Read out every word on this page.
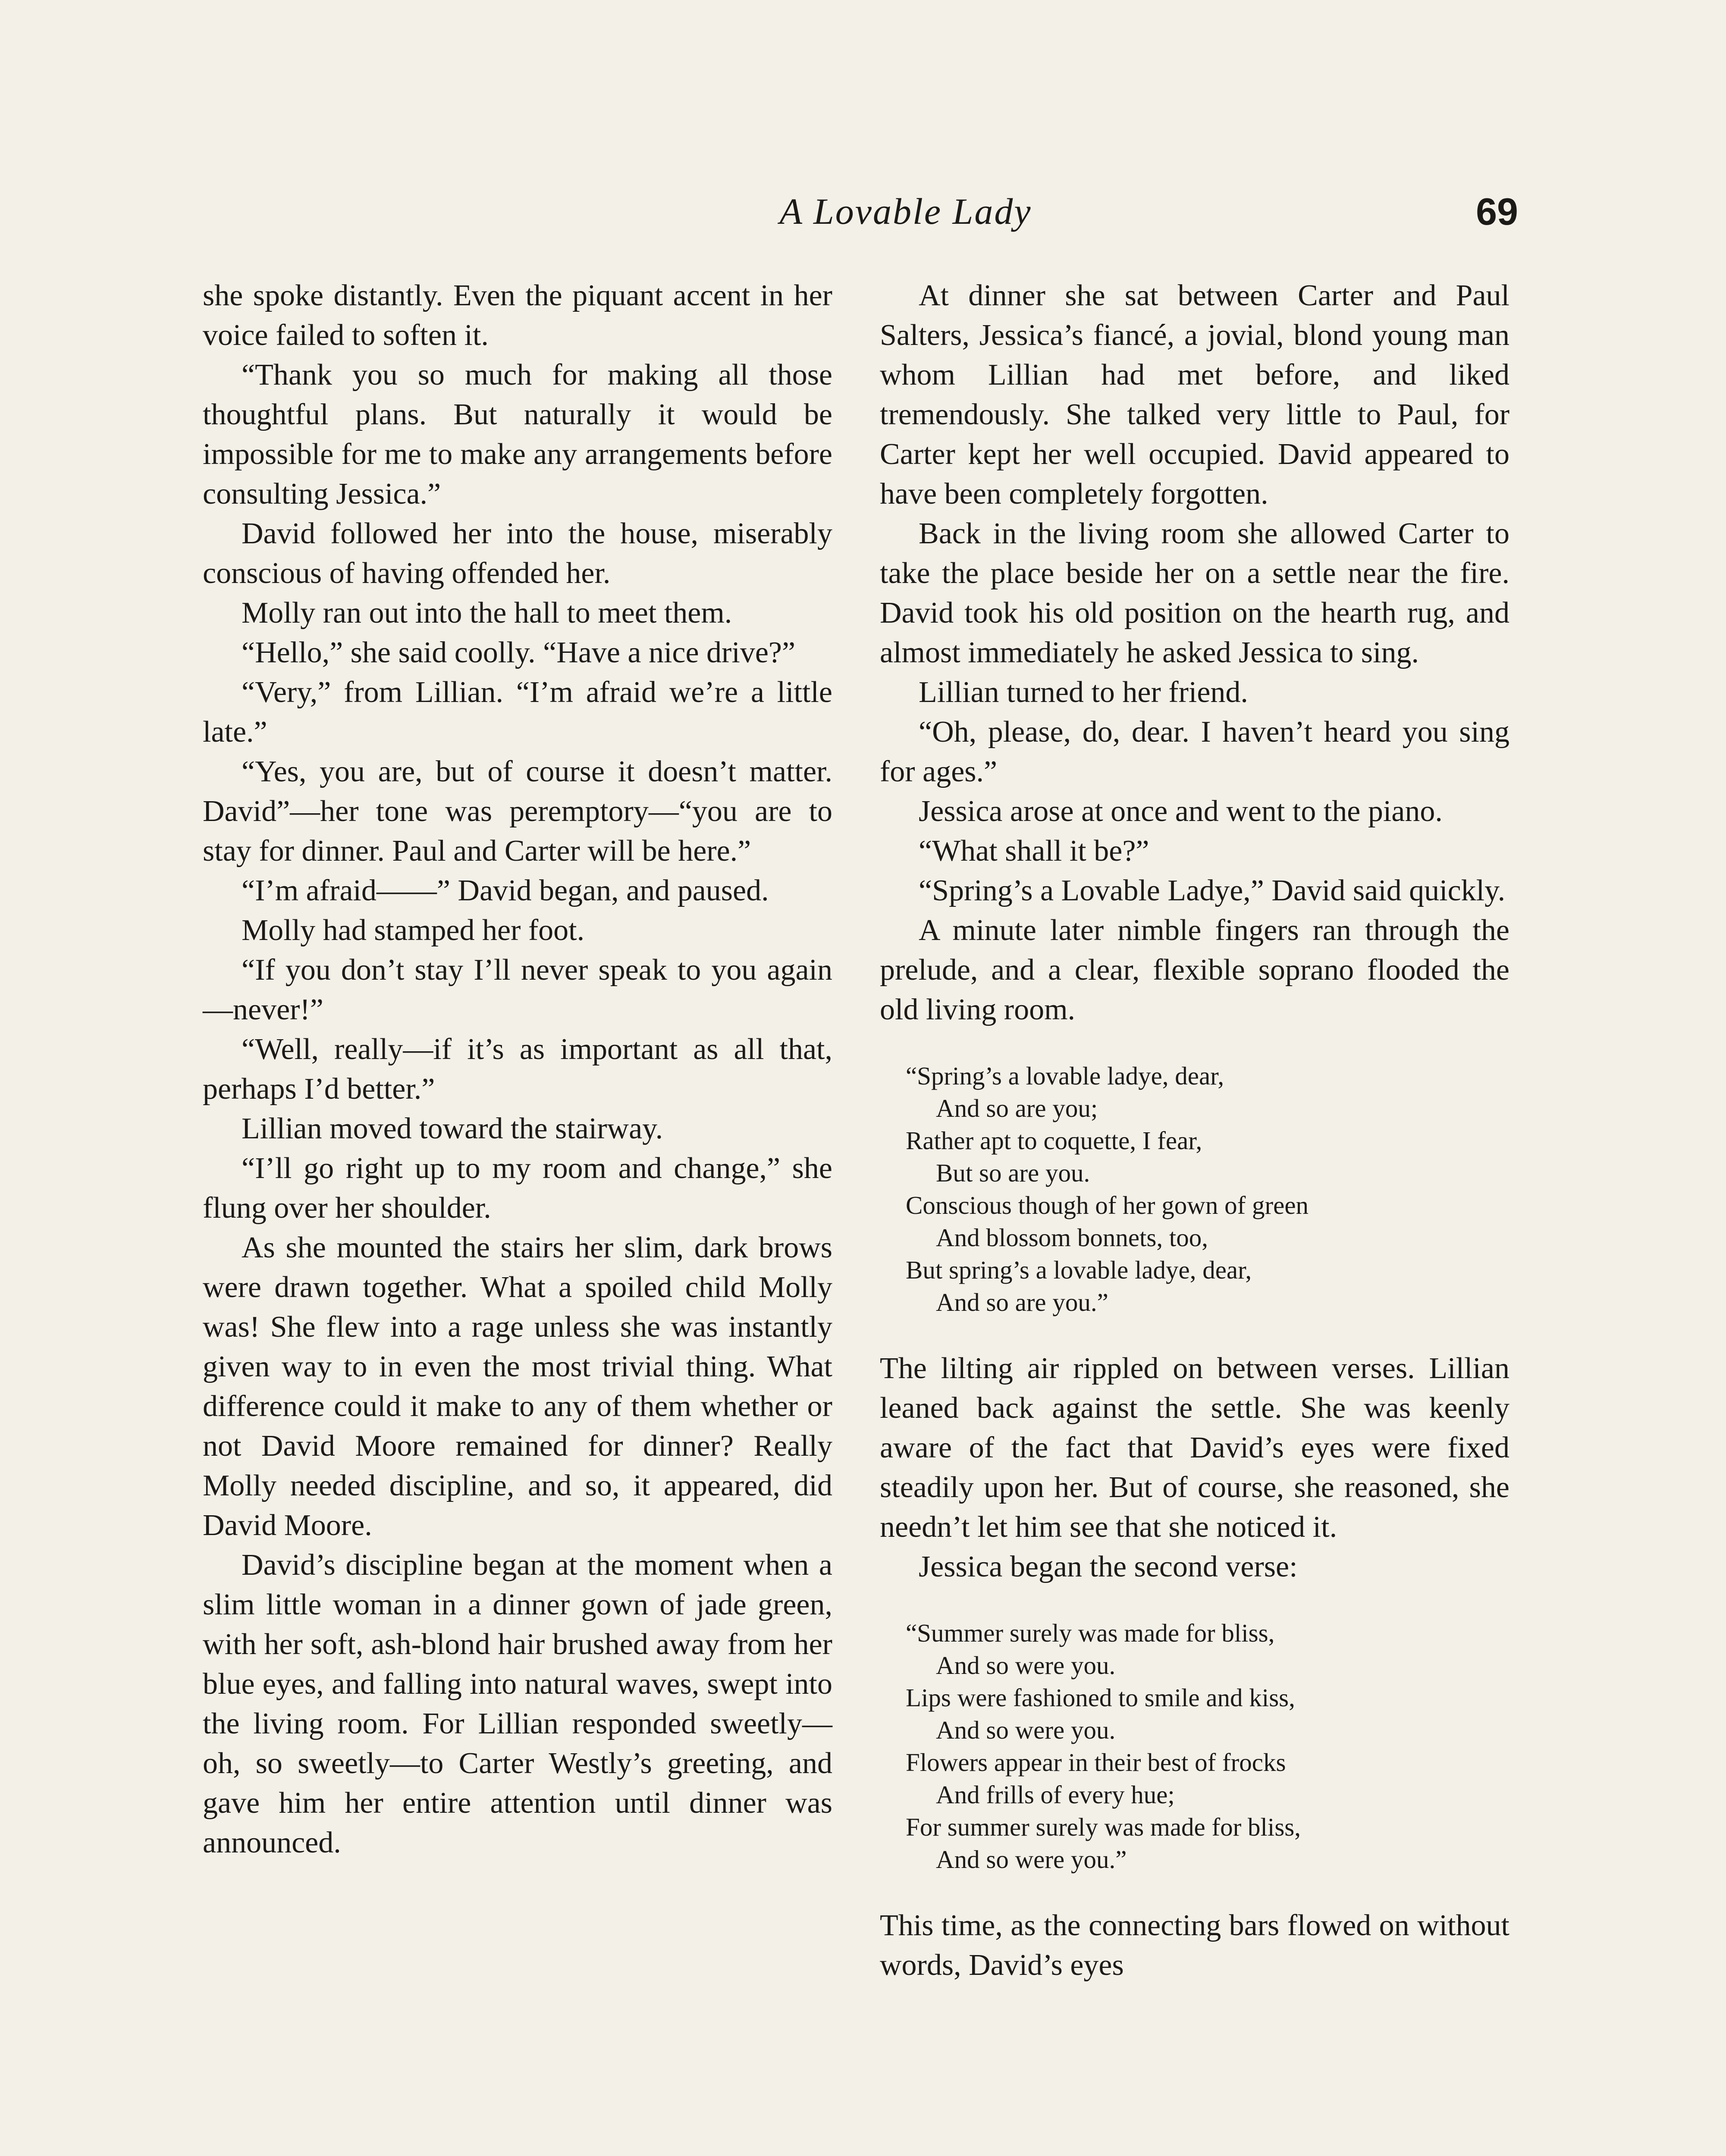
A Lovable Lady	69

she spoke distantly. Even the piquant accent in her voice failed to soften it.

“Thank you so much for making all those thoughtful plans. But naturally it would be impossible for me to make any arrangements before consulting Jessica.”

David followed her into the house, miserably conscious of having offended her.

Molly ran out into the hall to meet them.

“Hello,” she said coolly. “Have a nice drive?”

“Very,” from Lillian. “I’m afraid we’re a little late.”

“Yes, you are, but of course it doesn’t matter. David”—her tone was peremptory—“you are to stay for dinner. Paul and Carter will be here.”

“I’m afraid——” David began, and paused.

Molly had stamped her foot.

“If you don’t stay I’ll never speak to you again—never!”

“Well, really—if it’s as important as all that, perhaps I’d better.”

Lillian moved toward the stairway.

“I’ll go right up to my room and change,” she flung over her shoulder.

As she mounted the stairs her slim, dark brows were drawn together. What a spoiled child Molly was! She flew into a rage unless she was instantly given way to in even the most trivial thing. What difference could it make to any of them whether or not David Moore remained for dinner? Really Molly needed discipline, and so, it appeared, did David Moore.

David’s discipline began at the moment when a slim little woman in a dinner gown of jade green, with her soft, ash-blond hair brushed away from her blue eyes, and falling into natural waves, swept into the living room. For Lillian responded sweetly—oh, so sweetly—to Carter Westly’s greeting, and gave him her entire attention until dinner was announced.

At dinner she sat between Carter and Paul Salters, Jessica’s fiancé, a jovial, blond young man whom Lillian had met before, and liked tremendously. She talked very little to Paul, for Carter kept her well occupied. David appeared to have been completely forgotten.

Back in the living room she allowed Carter to take the place beside her on a settle near the fire. David took his old position on the hearth rug, and almost immediately he asked Jessica to sing.

Lillian turned to her friend.

“Oh, please, do, dear. I haven’t heard you sing for ages.”

Jessica arose at once and went to the piano.

“What shall it be?”

“Spring’s a Lovable Ladye,” David said quickly.

A minute later nimble fingers ran through the prelude, and a clear, flexible soprano flooded the old living room.

“Spring’s a lovable ladye, dear,
And so are you;
Rather apt to coquette, I fear,
But so are you.
Conscious though of her gown of green
And blossom bonnets, too,
But spring’s a lovable ladye, dear,
And so are you.”

The lilting air rippled on between verses. Lillian leaned back against the settle. She was keenly aware of the fact that David’s eyes were fixed steadily upon her. But of course, she reasoned, she needn’t let him see that she noticed it.

Jessica began the second verse:

“Summer surely was made for bliss,
And so were you.
Lips were fashioned to smile and kiss,
And so were you.
Flowers appear in their best of frocks
And frills of every hue;
For summer surely was made for bliss,
And so were you.”

This time, as the connecting bars flowed on without words, David’s eyes
